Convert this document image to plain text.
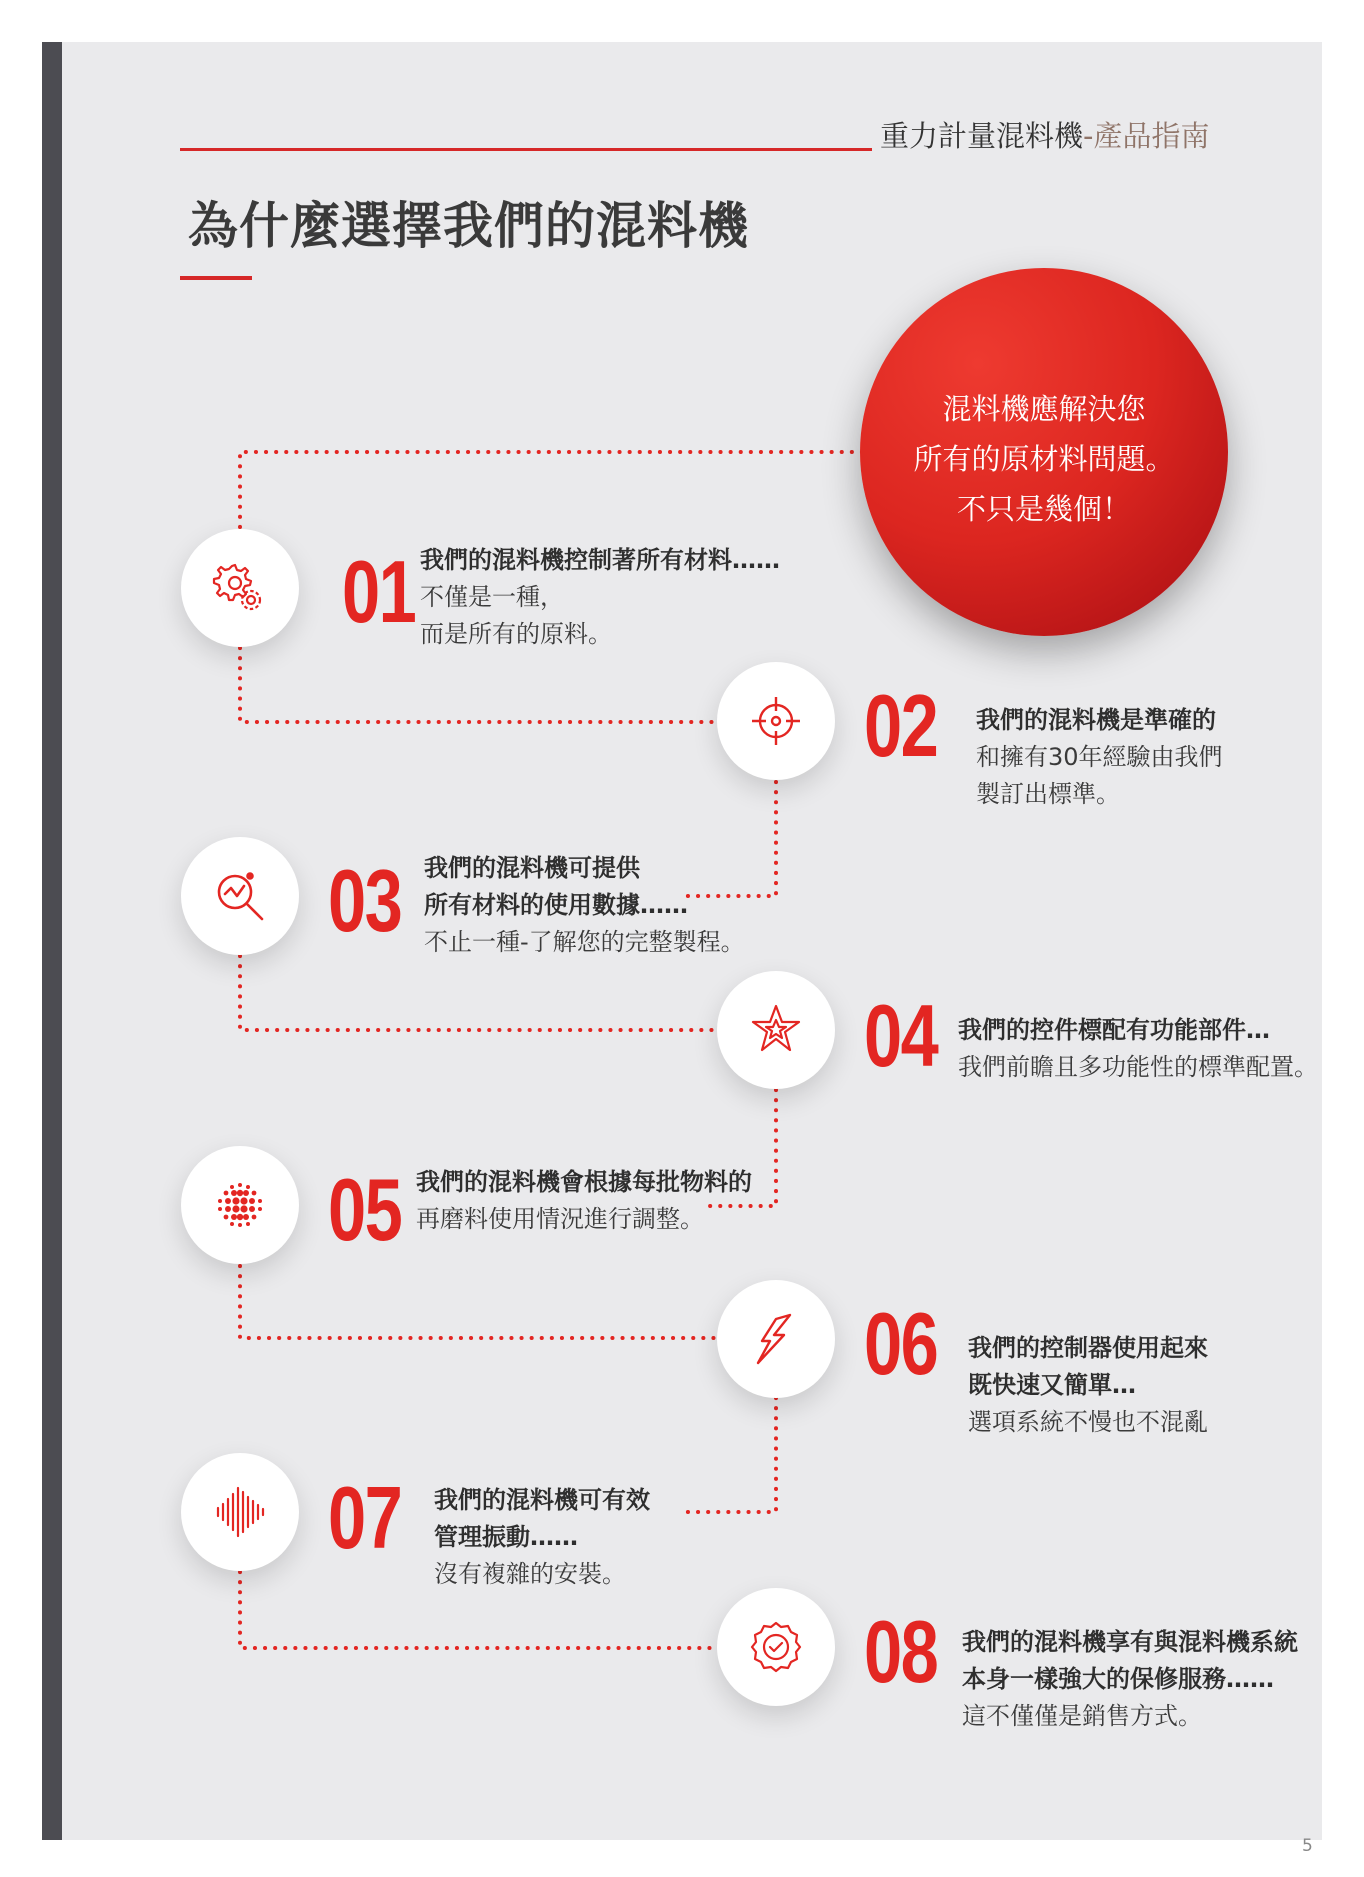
重力計量混料機-產品指南
為什麼選擇我們的混料機
混料機應解決您
所有的原材料問題。
不只是幾個！
01 我們的混料機控制著所有材料……
不僅是一種，
而是所有的原料。
02 我們的混料機是準確的
和擁有30年經驗由我們
製訂出標準。
03 我們的混料機可提供
所有材料的使用數據……
不止一種-了解您的完整製程。
04 我們的控件標配有功能部件…
我們前瞻且多功能性的標準配置。
05 我們的混料機會根據每批物料的
再磨料使用情況進行調整。
06 我們的控制器使用起來
既快速又簡單…
選項系統不慢也不混亂
07 我們的混料機可有效
管理振動……
沒有複雜的安裝。
08 我們的混料機享有與混料機系統
本身一樣強大的保修服務……
這不僅僅是銷售方式。
5
